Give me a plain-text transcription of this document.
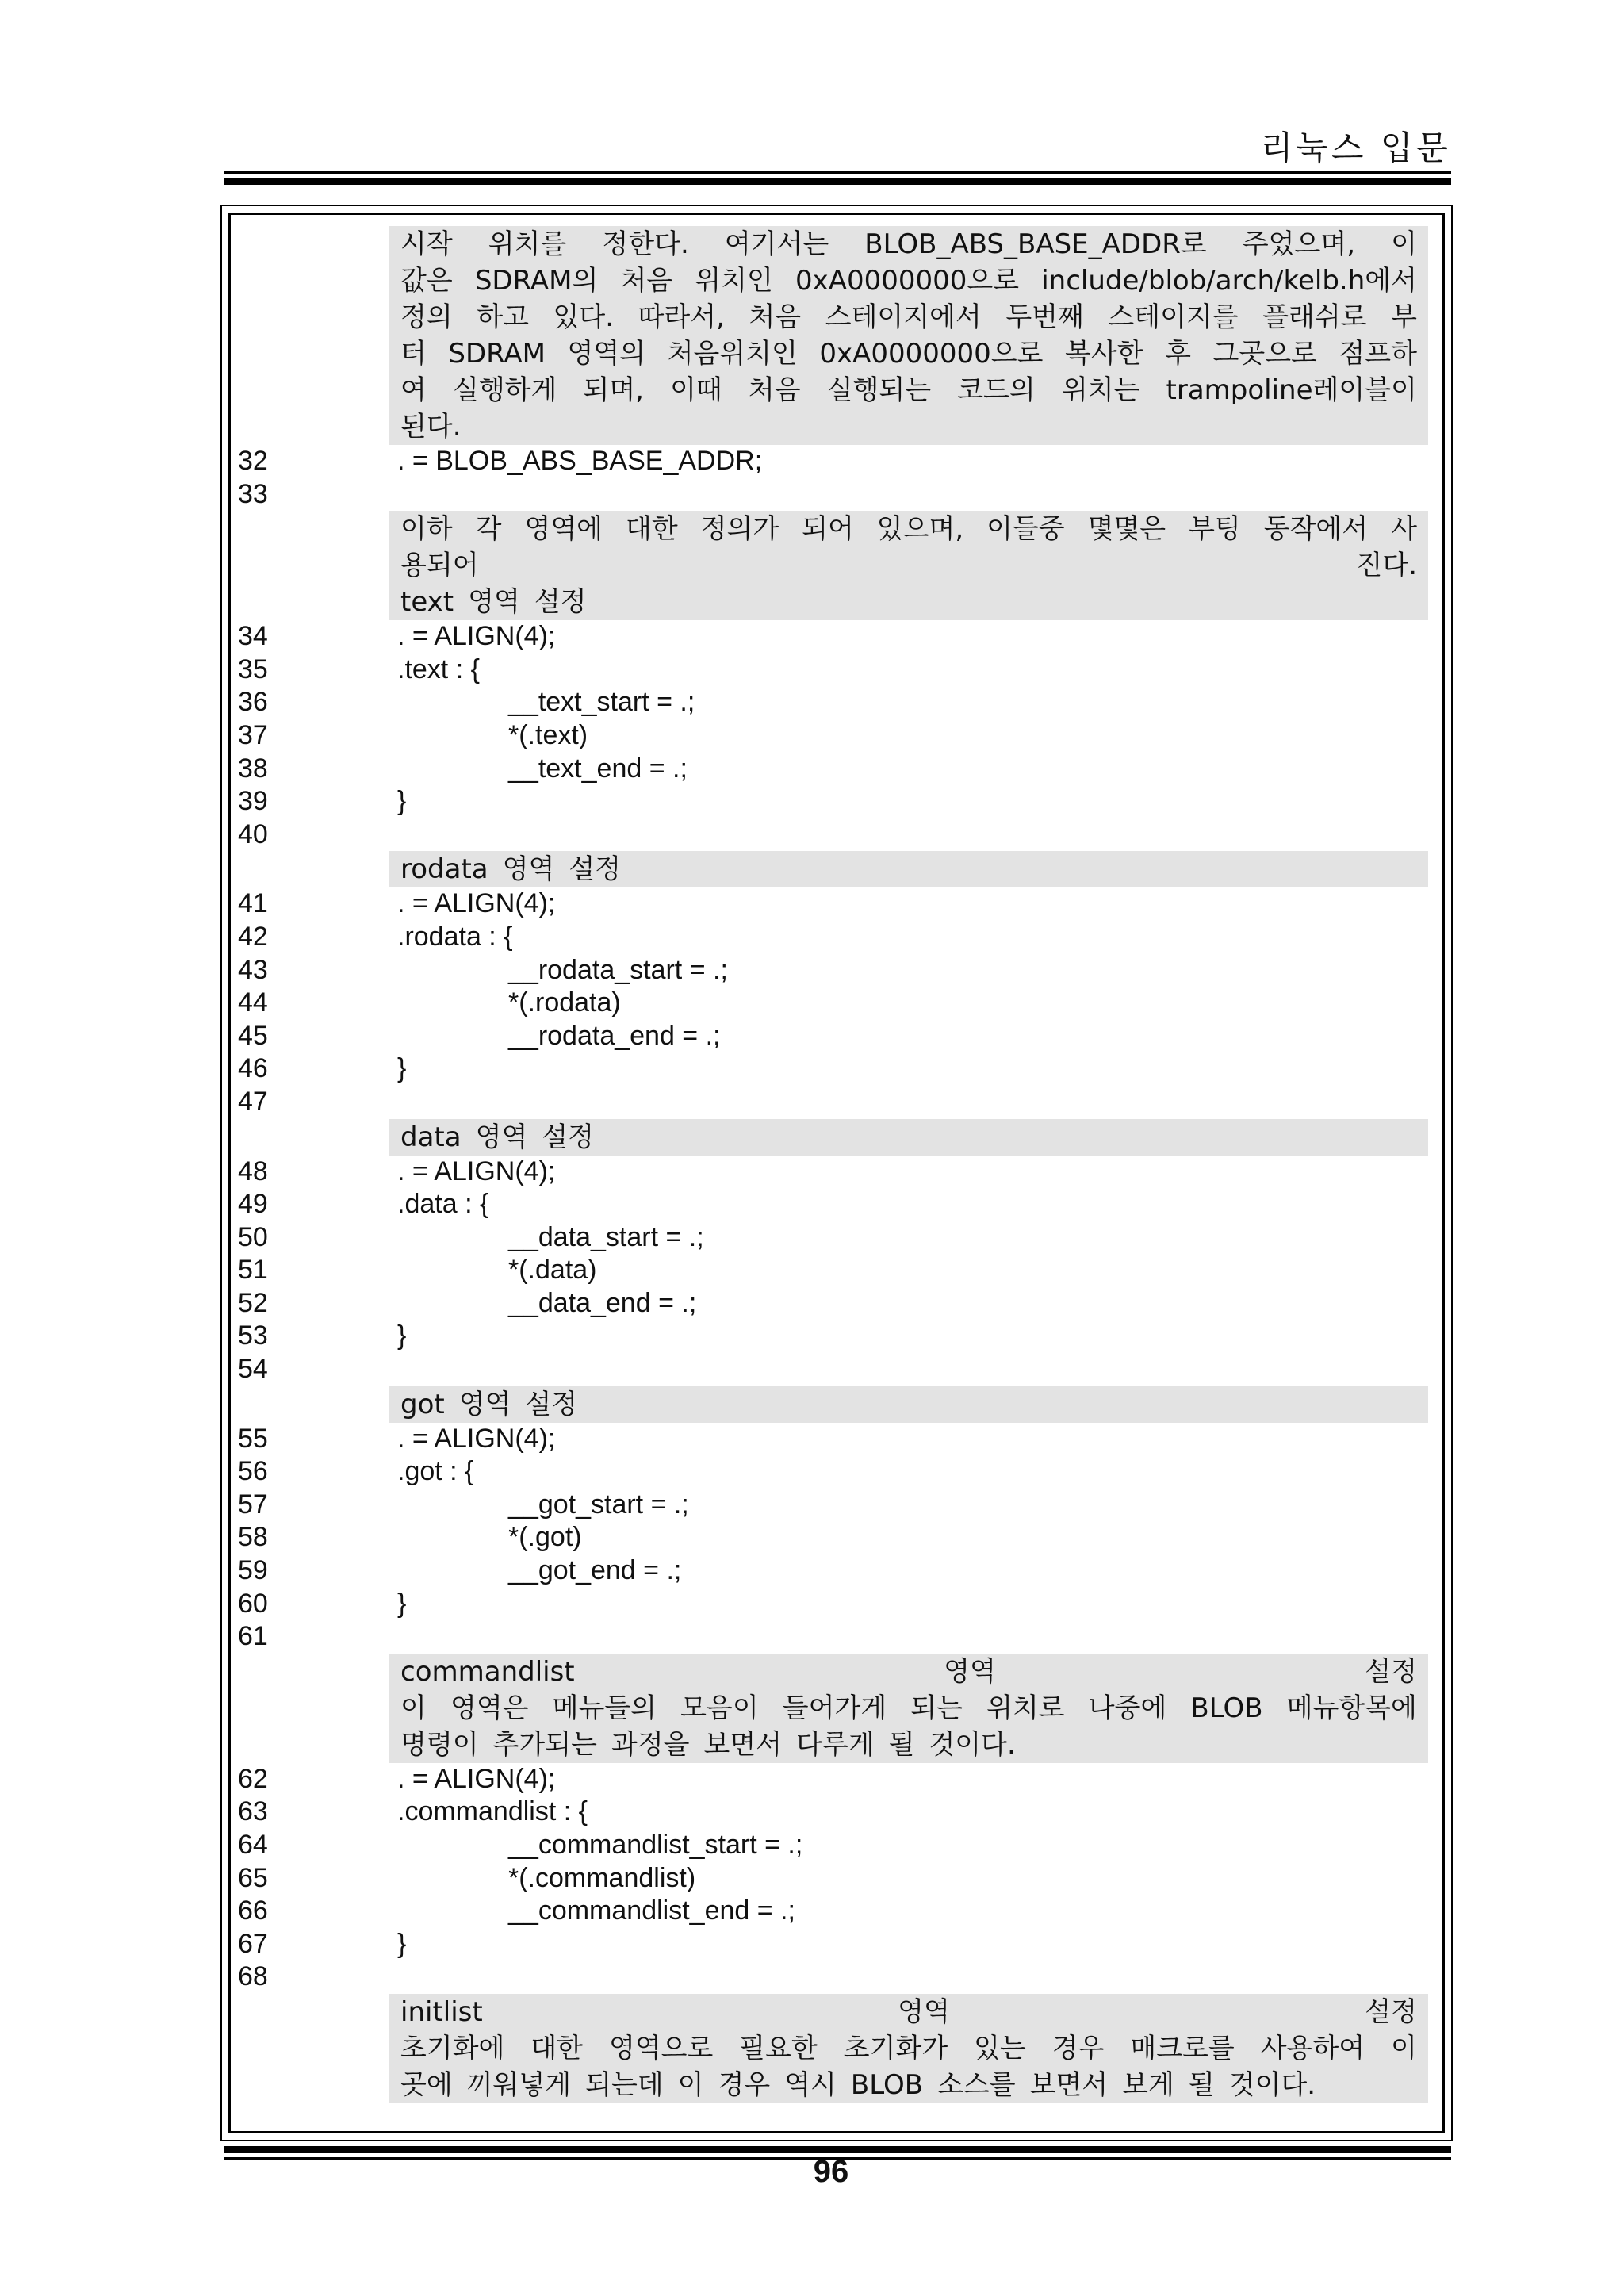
리눅스 입문
시작 위치를 정한다. 여기서는 BLOB_ABS_BASE_ADDR로 주었으며, 이
값은 SDRAM의 처음 위치인 0xA0000000으로 include/blob/arch/kelb.h에서
정의 하고 있다. 따라서, 처음 스테이지에서 두번째 스테이지를 플래쉬로 부
터 SDRAM 영역의 처음위치인 0xA0000000으로 복사한 후 그곳으로 점프하
여 실행하게 되며, 이때 처음 실행되는 코드의 위치는 trampoline레이블이
된다.
32	. = BLOB_ABS_BASE_ADDR;
33
이하 각 영역에 대한 정의가 되어 있으며, 이들중 몇몇은 부팅 동작에서 사
용되어	진다.
text 영역 설정
34	. = ALIGN(4);
35	.text : {
36	__text_start = .;
37	*(.text)
38	__text_end = .;
39	}
40
rodata 영역 설정
41	. = ALIGN(4);
42	.rodata : {
43	__rodata_start = .;
44	*(.rodata)
45	__rodata_end = .;
46	}
47
data 영역 설정
48	. = ALIGN(4);
49	.data : {
50	__data_start = .;
51	*(.data)
52	__data_end = .;
53	}
54
got 영역 설정
55	. = ALIGN(4);
56	.got : {
57	__got_start = .;
58	*(.got)
59	__got_end = .;
60	}
61
commandlist	영역	설정
이 영역은 메뉴들의 모음이 들어가게 되는 위치로 나중에 BLOB 메뉴항목에
명령이 추가되는 과정을 보면서 다루게 될 것이다.
62	. = ALIGN(4);
63	.commandlist : {
64	__commandlist_start = .;
65	*(.commandlist)
66	__commandlist_end = .;
67	}
68
initlist	영역	설정
초기화에 대한 영역으로 필요한 초기화가 있는 경우 매크로를 사용하여 이
곳에 끼워넣게 되는데 이 경우 역시 BLOB 소스를 보면서 보게 될 것이다.
96
